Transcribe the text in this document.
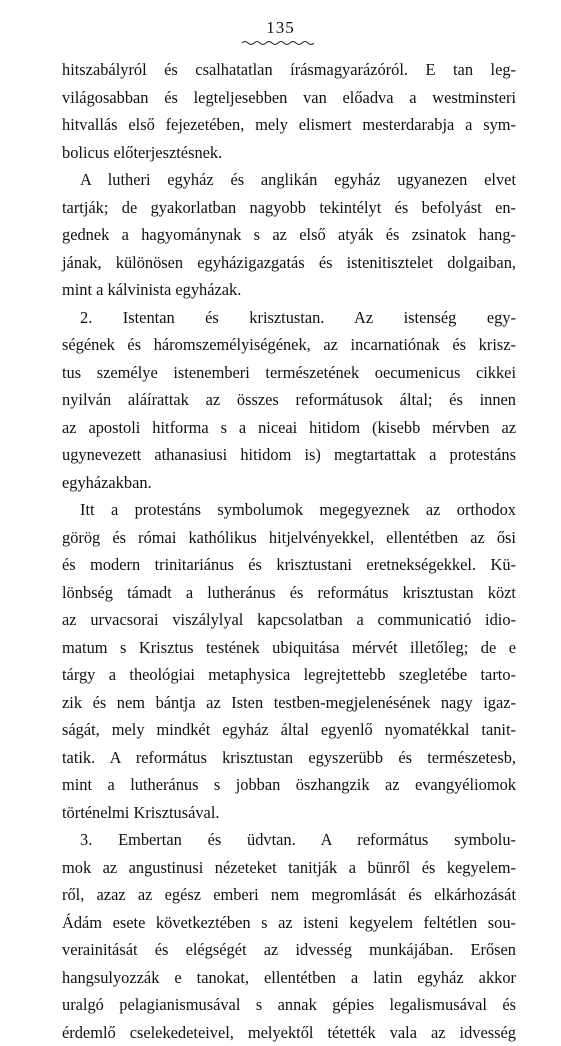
135
hitszabályról és csalhatatlan írásmagyarázóról. E tan leg-
világosabban és legteljesebben van előadva a westminsteri
hitvallás első fejezetében, mely elismert mesterdarabja a sym-
bolicus előterjesztésnek.
A lutheri egyház és anglikán egyház ugyanezen elvet
tartják; de gyakorlatban nagyobb tekintélyt és befolyást en-
gednek a hagyománynak s az első atyák és zsinatok hang-
jának, különösen egyházigazgatás és istenitisztelet dolgaiban,
mint a kálvinista egyházak.
2. Istentan és krisztustan. Az istenség egy-
ségének és háromszemélyiségének, az incarnatiónak és krisz-
tus személye istenemberi természetének oecumenicus cikkei
nyilván aláírattak az összes reformátusok által; és innen
az apostoli hitforma s a niceai hitidom (kisebb mérvben az
ugynevezett athanasiusi hitidom is) megtartattak a protestáns
egyházakban.
Itt a protestáns symbolumok megegyeznek az orthodox
görög és római kathólikus hitjelvényekkel, ellentétben az ősi
és modern trinitariánus és krisztustani eretnekségekkel. Kü-
lönbség támadt a lutheránus és református krisztustan közt
az urvacsorai viszálylyal kapcsolatban a communicatió idio-
matum s Krisztus testének ubiquitása mérvét illetőleg; de e
tárgy a theológiai metaphysica legrejtettebb szegletébe tarto-
zik és nem bántja az Isten testben-megjelenésének nagy igaz-
ságát, mely mindkét egyház által egyenlő nyomatékkal tanit-
tatik. A református krisztustan egyszerübb és természetesb,
mint a lutheránus s jobban öszhangzik az evangyéliomok
történelmi Krisztusával.
3. Embertan és üdvtan. A református symbolu-
mok az angustinusi nézeteket tanitják a bünről és kegyelem-
ről, azaz az egész emberi nem megromlását és elkárhozását
Ádám esete következtében s az isteni kegyelem feltétlen sou-
verainitását és elégségét az idvesség munkájában. Erősen
hangsulyozzák e tanokat, ellentétben a latin egyház akkor
uralgó pelagianismusával s annak gépies legalismusával és
érdemlő cselekedeteivel, melyektől tétették vala az idvesség
